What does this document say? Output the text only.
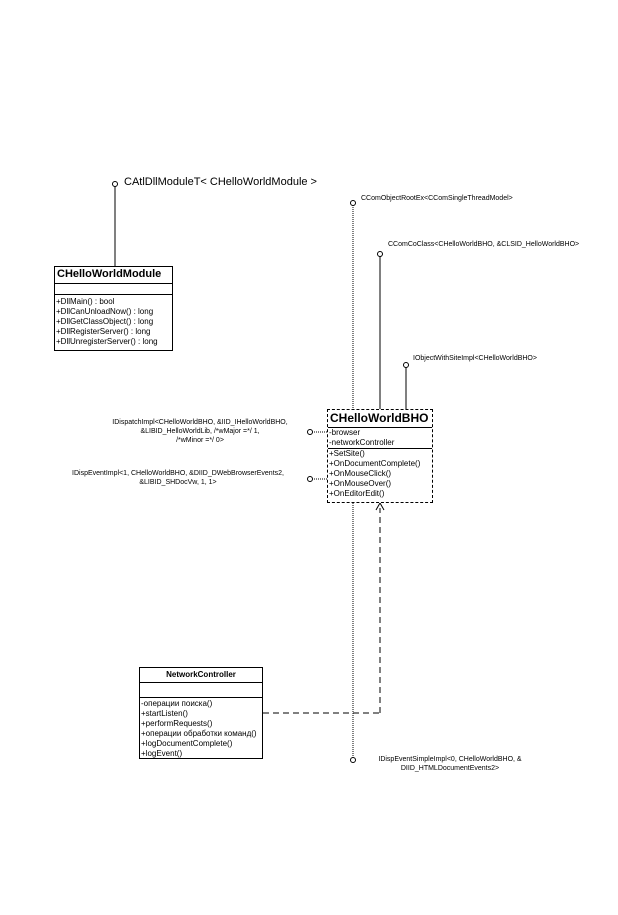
CAtlDllModuleT< CHelloWorldModule >
CComObjectRootEx<CComSingleThreadModel>
CComCoClass<CHelloWorldBHO, &CLSID_HelloWorldBHO>
IObjectWithSiteImpl<CHelloWorldBHO>
IDispatchImpl<CHelloWorldBHO, &IID_IHelloWorldBHO,
&LIBID_HelloWorldLib, /*wMajor =*/ 1,
/*wMinor =*/ 0>
IDispEventImpl<1, CHelloWorldBHO, &DIID_DWebBrowserEvents2,
&LIBID_SHDocVw, 1, 1>
IDispEventSimpleImpl<0, CHelloWorldBHO, &
DIID_HTMLDocumentEvents2>
CHelloWorldModule
+DllMain() : bool
+DllCanUnloadNow() : long
+DllGetClassObject() : long
+DllRegisterServer() : long
+DllUnregisterServer() : long
CHelloWorldBHO
-browser
-networkController
+SetSite()
+OnDocumentComplete()
+OnMouseClick()
+OnMouseOver()
+OnEditorEdit()
NetworkController
-операции поиска()
+startListen()
+performRequests()
+операции обработки команд()
+logDocumentComplete()
+logEvent()
